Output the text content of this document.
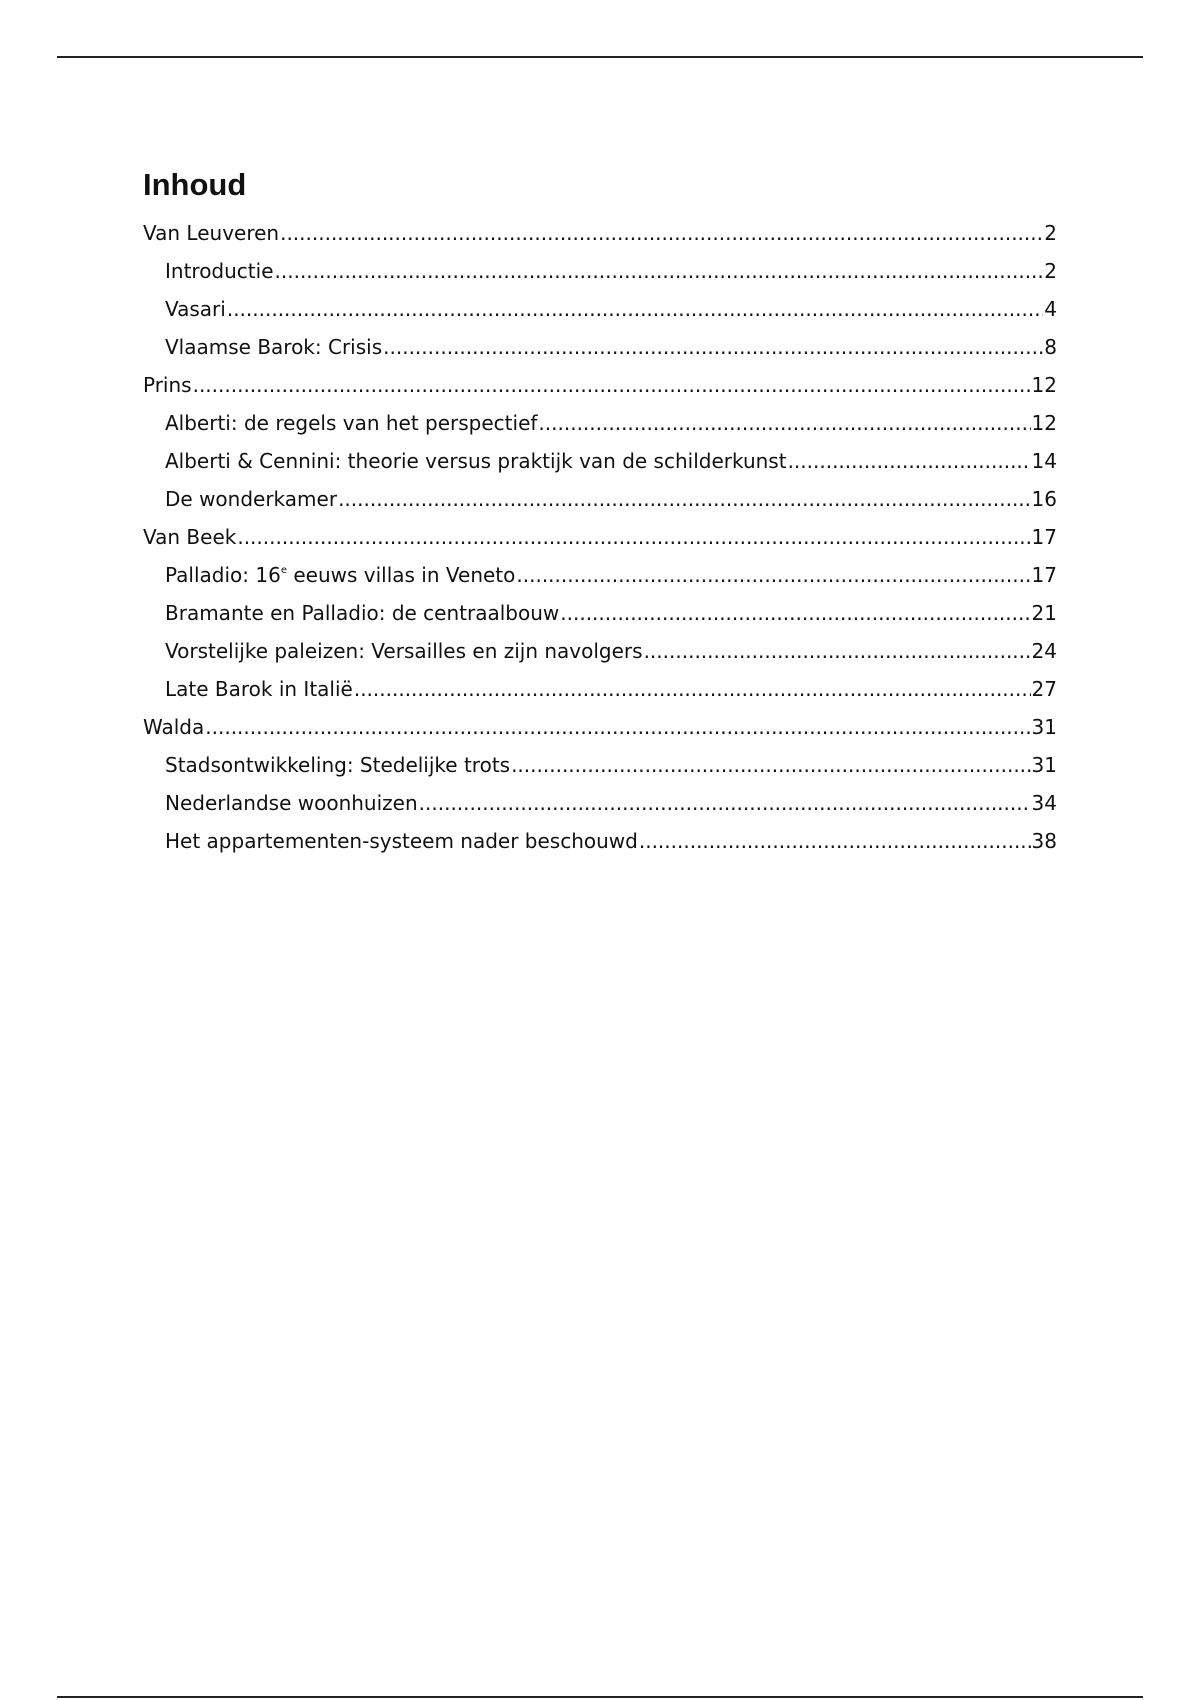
Inhoud
Van Leuveren .....	2
Introductie .....	2
Vasari .....	4
Vlaamse Barok: Crisis .....	8
Prins .....	12
Alberti: de regels van het perspectief .....	12
Alberti & Cennini: theorie versus praktijk van de schilderkunst .....	14
De wonderkamer .....	16
Van Beek .....	17
Palladio: 16e eeuws villas in Veneto .....	17
Bramante en Palladio: de centraalbouw .....	21
Vorstelijke paleizen: Versailles en zijn navolgers .....	24
Late Barok in Italië .....	27
Walda .....	31
Stadsontwikkeling: Stedelijke trots .....	31
Nederlandse woonhuizen .....	34
Het appartementen-systeem nader beschouwd .....	38
